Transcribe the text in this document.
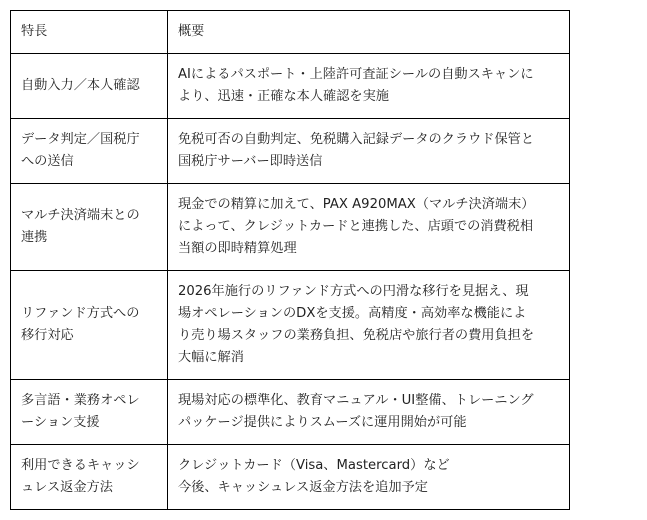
特長	概要

自動入力／本人確認	AIによるパスポート・上陸許可査証シールの自動スキャンに
より、迅速・正確な本人確認を実施

データ判定／国税庁
への送信	免税可否の自動判定、免税購入記録データのクラウド保管と
国税庁サーバー即時送信

マルチ決済端末との
連携	現金での精算に加えて、PAX A920MAX（マルチ決済端末）
によって、クレジットカードと連携した、店頭での消費税相
当額の即時精算処理

リファンド方式への
移行対応	2026年施行のリファンド方式への円滑な移行を見据え、現
場オペレーションのDXを支援。高精度・高効率な機能によ
り売り場スタッフの業務負担、免税店や旅行者の費用負担を
大幅に解消

多言語・業務オペレ
ーション支援	現場対応の標準化、教育マニュアル・UI整備、トレーニング
パッケージ提供によりスムーズに運用開始が可能

利用できるキャッシ
ュレス返金方法	クレジットカード（Visa、Mastercard）など
今後、キャッシュレス返金方法を追加予定
